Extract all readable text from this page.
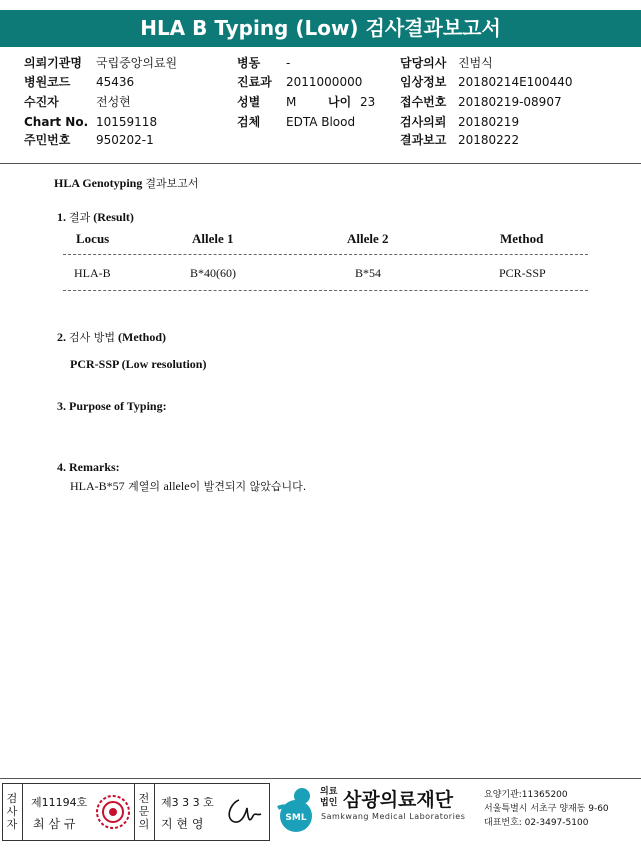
HLA B Typing (Low) 검사결과보고서
의뢰기관명 국립중앙의료원
병원코드 45436
수진자	전성현
Chart No. 10159118
주민번호 950202-1
병동 -
진료과 2011000000
성별 M	나이 23
검체 EDTA Blood
담당의사 진범식
임상정보 20180214E100440
접수번호 20180219-08907
검사의뢰 20180219
결과보고 20180222
HLA Genotyping 결과보고서
1. 결과 (Result)
Locus	Allele 1	Allele 2	Method
HLA-B	B*40(60)	B*54	PCR-SSP
2. 검사 방법 (Method)
PCR-SSP (Low resolution)
3. Purpose of Typing:
4. Remarks:
HLA-B*57 계열의 allele이 발견되지 않았습니다.
검사자
제11194호
최 삼 규
전문의
제3 3 3 호
지 현 영	SML
의료
법인 삼광의료재단
Samkwang Medical Laboratories
요양기관:11365200
서울특별시 서초구 양재동 9-60
대표번호: 02-3497-5100
